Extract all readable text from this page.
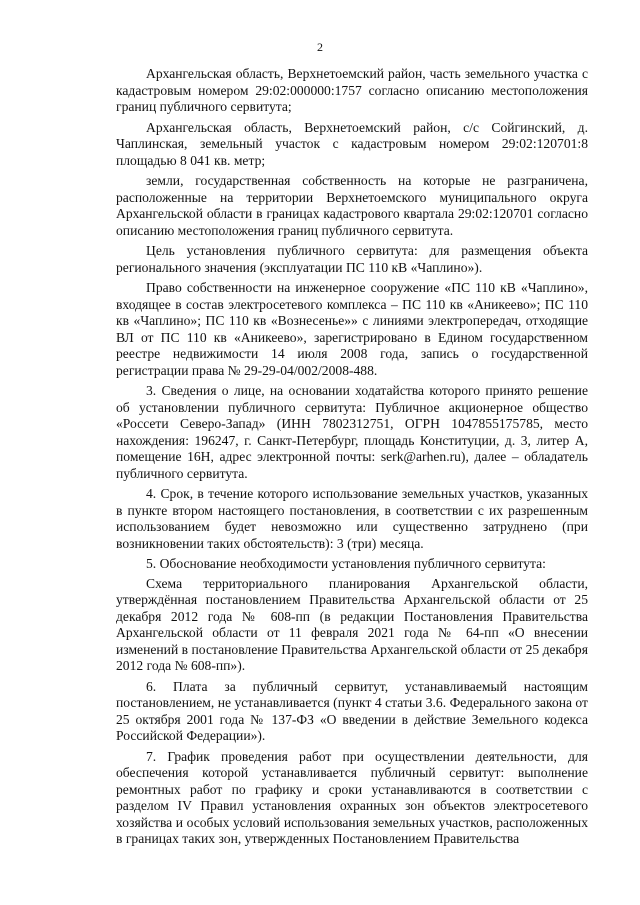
2

Архангельская область, Верхнетоемский район, часть земельного участка с кадастровым номером 29:02:000000:1757 согласно описанию местоположения границ публичного сервитута;

Архангельская область, Верхнетоемский район, с/с Сойгинский, д. Чаплинская, земельный участок с кадастровым номером 29:02:120701:8 площадью 8 041 кв. метр;

земли, государственная собственность на которые не разграничена, расположенные на территории Верхнетоемского муниципального округа Архангельской области в границах кадастрового квартала 29:02:120701 согласно описанию местоположения границ публичного сервитута.

Цель установления публичного сервитута: для размещения объекта регионального значения (эксплуатации ПС 110 кВ «Чаплино»).

Право собственности на инженерное сооружение «ПС 110 кВ «Чаплино», входящее в состав электросетевого комплекса – ПС 110 кв «Аникеево»; ПС 110 кв «Чаплино»; ПС 110 кв «Вознесенье»» с линиями электропередач, отходящие ВЛ от ПС 110 кв «Аникеево», зарегистрировано в Едином государственном реестре недвижимости 14 июля 2008 года, запись о государственной регистрации права № 29-29-04/002/2008-488.

3. Сведения о лице, на основании ходатайства которого принято решение об установлении публичного сервитута: Публичное акционерное общество «Россети Северо-Запад» (ИНН 7802312751, ОГРН 1047855175785, место нахождения: 196247, г. Санкт-Петербург, площадь Конституции, д. 3, литер А, помещение 16Н, адрес электронной почты: serk@arhen.ru), далее – обладатель публичного сервитута.

4. Срок, в течение которого использование земельных участков, указанных в пункте втором настоящего постановления, в соответствии с их разрешенным использованием будет невозможно или существенно затруднено (при возникновении таких обстоятельств): 3 (три) месяца.

5. Обоснование необходимости установления публичного сервитута:

Схема территориального планирования Архангельской области, утверждённая постановлением Правительства Архангельской области от 25 декабря 2012 года № 608-пп (в редакции Постановления Правительства Архангельской области от 11 февраля 2021 года № 64-пп «О внесении изменений в постановление Правительства Архангельской области от 25 декабря 2012 года № 608-пп»).

6. Плата за публичный сервитут, устанавливаемый настоящим постановлением, не устанавливается (пункт 4 статьи 3.6. Федерального закона от 25 октября 2001 года № 137-ФЗ «О введении в действие Земельного кодекса Российской Федерации»).

7. График проведения работ при осуществлении деятельности, для обеспечения которой устанавливается публичный сервитут: выполнение ремонтных работ по графику и сроки устанавливаются в соответствии с разделом IV Правил установления охранных зон объектов электросетевого хозяйства и особых условий использования земельных участков, расположенных в границах таких зон, утвержденных Постановлением Правительства
